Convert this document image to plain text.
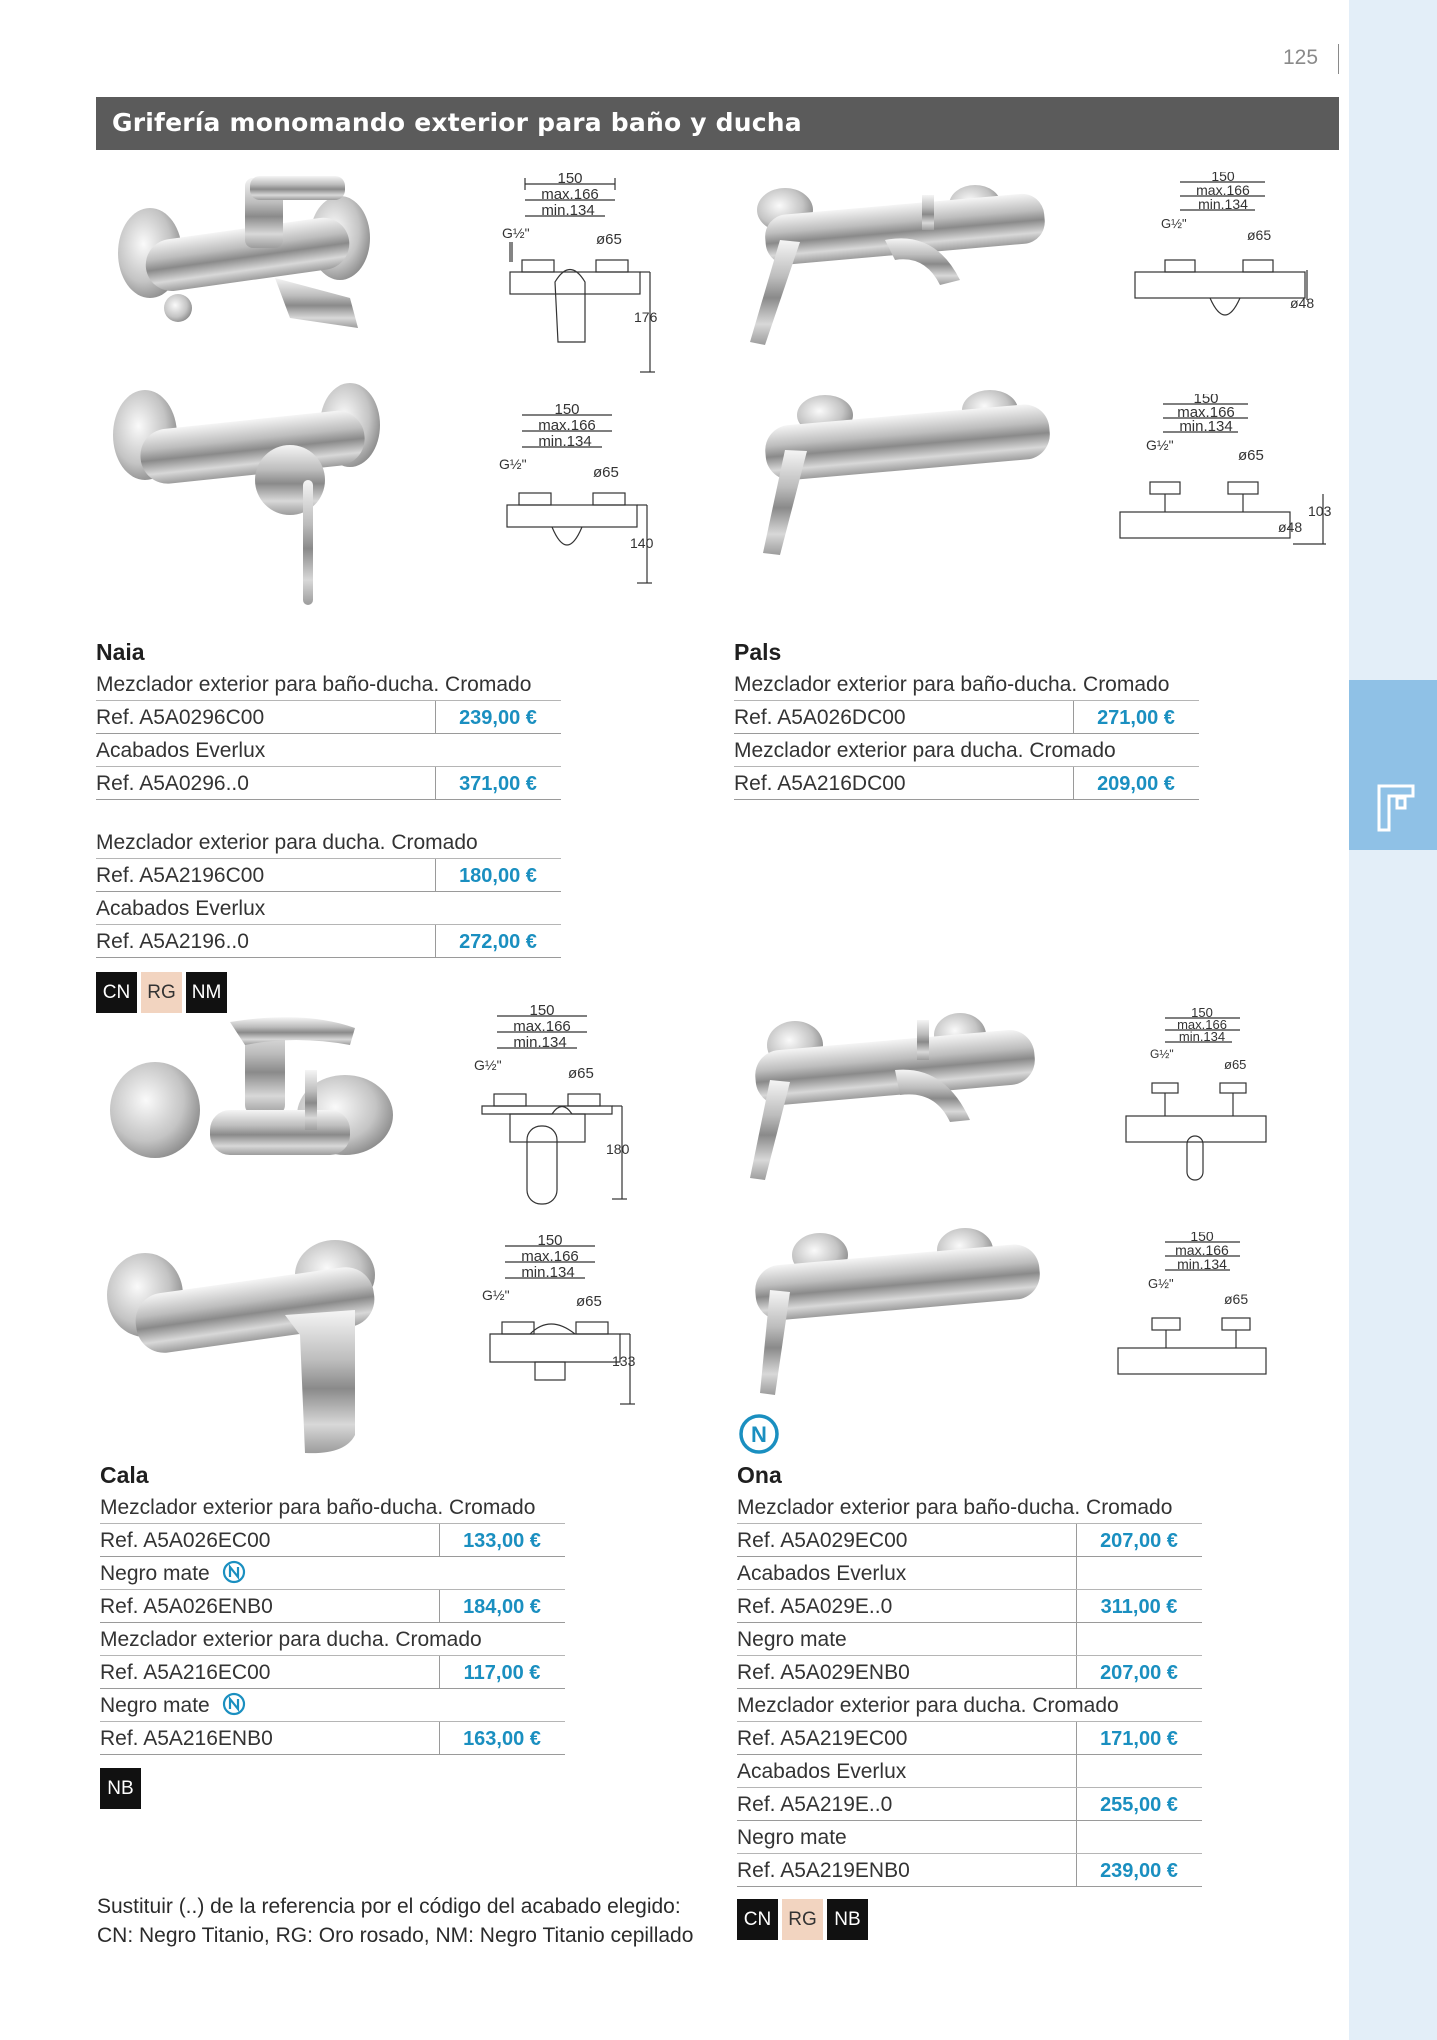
125
Grifería monomando exterior para baño y ducha
150
max.166
min.134
G½"	ø65
176
150
max.166
min.134
G½"	ø65
140
150
max.166
min.134
G½"
ø65
ø48
150
max.166
min.134
G½"
ø65
103
ø48
150
max.166
min.134
G½"	ø65
180
150
max.166
min.134
G½"	ø65
133
150
max.166
min.134
G½"
ø65
150
max.166
min.134
G½"
ø65
Naia
Mezclador exterior para baño-ducha. Cromado
Ref. A5A0296C00	239,00 €
Acabados Everlux
Ref. A5A0296..0	371,00 €
Mezclador exterior para ducha. Cromado
Ref. A5A2196C00	180,00 €
Acabados Everlux
Ref. A5A2196..0	272,00 €
CN RG NM
Pals
Mezclador exterior para baño-ducha. Cromado
Ref. A5A026DC00	271,00 €
Mezclador exterior para ducha. Cromado
Ref. A5A216DC00	209,00 €
Cala
Mezclador exterior para baño-ducha. Cromado
Ref. A5A026EC00	133,00 €
Negro mate
Ref. A5A026ENB0	184,00 €
Mezclador exterior para ducha. Cromado
Ref. A5A216EC00	117,00 €
Negro mate
Ref. A5A216ENB0	163,00 €
NB
N
Ona
Mezclador exterior para baño-ducha. Cromado
Ref. A5A029EC00	207,00 €
Acabados Everlux
Ref. A5A029E..0	311,00 €
Negro mate
Ref. A5A029ENB0	207,00 €
Mezclador exterior para ducha. Cromado
Ref. A5A219EC00	171,00 €
Acabados Everlux
Ref. A5A219E..0	255,00 €
Negro mate
Ref. A5A219ENB0	239,00 €
CN RG NB
Sustituir (..) de la referencia por el código del acabado elegido:
CN: Negro Titanio, RG: Oro rosado, NM: Negro Titanio cepillado
